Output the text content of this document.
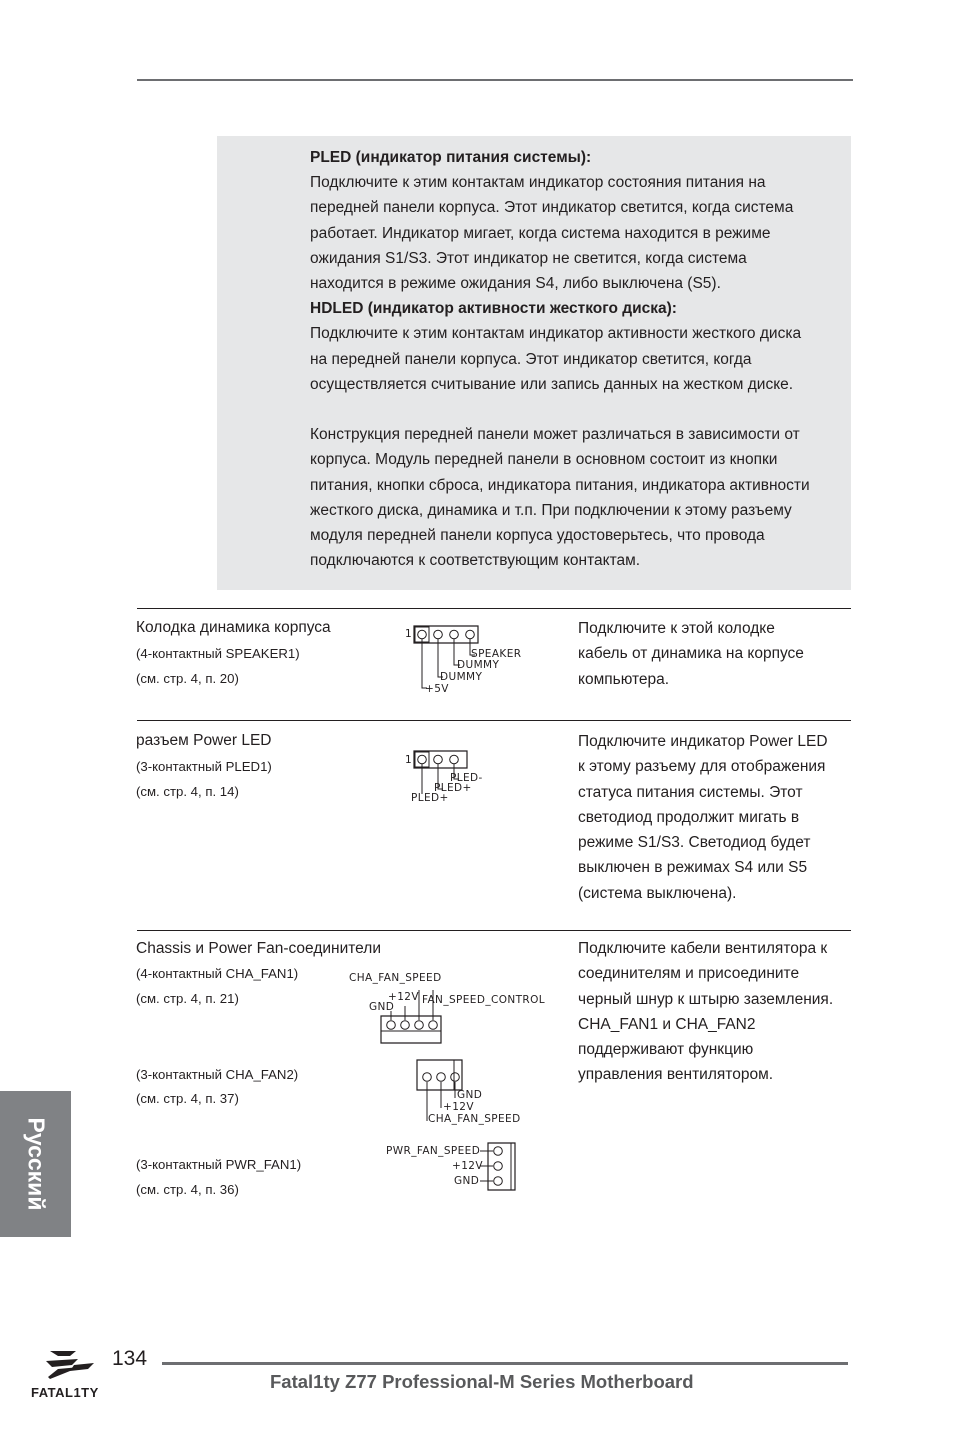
PLED (индикатор питания системы):
Подключите к этим контактам индикатор состояния питания на
передней панели корпуса. Этот индикатор светится, когда система
работает. Индикатор мигает, когда система находится в режиме
ожидания S1/S3. Этот индикатор не светится, когда система
находится в режиме ожидания S4, либо выключена (S5).
HDLED (индикатор активности жесткого диска):
Подключите к этим контактам индикатор активности жесткого диска
на передней панели корпуса. Этот индикатор светится, когда
осуществляется считывание или запись данных на жестком диске.
Конструкция передней панели может различаться в зависимости от
корпуса. Модуль передней панели в основном состоит из кнопки
питания, кнопки сброса, индикатора питания, индикатора активности
жесткого диска, динамика и т.п. При подключении к этому разъему
модуля передней панели корпуса удостоверьтесь, что провода
подключаются к соответствующим контактам.
Колодка динамика корпуса
(4-контактный SPEAKER1)
(см. стр. 4, п. 20)
1
SPEAKER
DUMMY
DUMMY
+5V
Подключите к этой колодке
кабель от динамика на корпусе
компьютера.
разъем Power LED
(3-контактный PLED1)
(см. стр. 4, п. 14)
1
PLED-
PLED+
PLED+
Подключите индикатор Power LED
к этому разъему для отображения
статуса питания системы. Этот
светодиод продолжит мигать в
режиме S1/S3. Светодиод будет
выключен в режимах S4 или S5
(система выключена).
Chassis и Power Fan-соединители
(4-контактный CHA_FAN1)
(см. стр. 4, п. 21)
(3-контактный CHA_FAN2)
(см. стр. 4, п. 37)
(3-контактный PWR_FAN1)
(см. стр. 4, п. 36)
CHA_FAN_SPEED
+12V
GND
FAN_SPEED_CONTROL
GND
+12V
CHA_FAN_SPEED
PWR_FAN_SPEED
+12V
GND
Подключите кабели вентилятора к
соединителям и присоедините
черный шнур к штырю заземления.
CHA_FAN1 и CHA_FAN2
поддерживают функцию
управления вентилятором.
Русский
FATAL1TY
134
Fatal1ty Z77 Professional-M Series Motherboard
